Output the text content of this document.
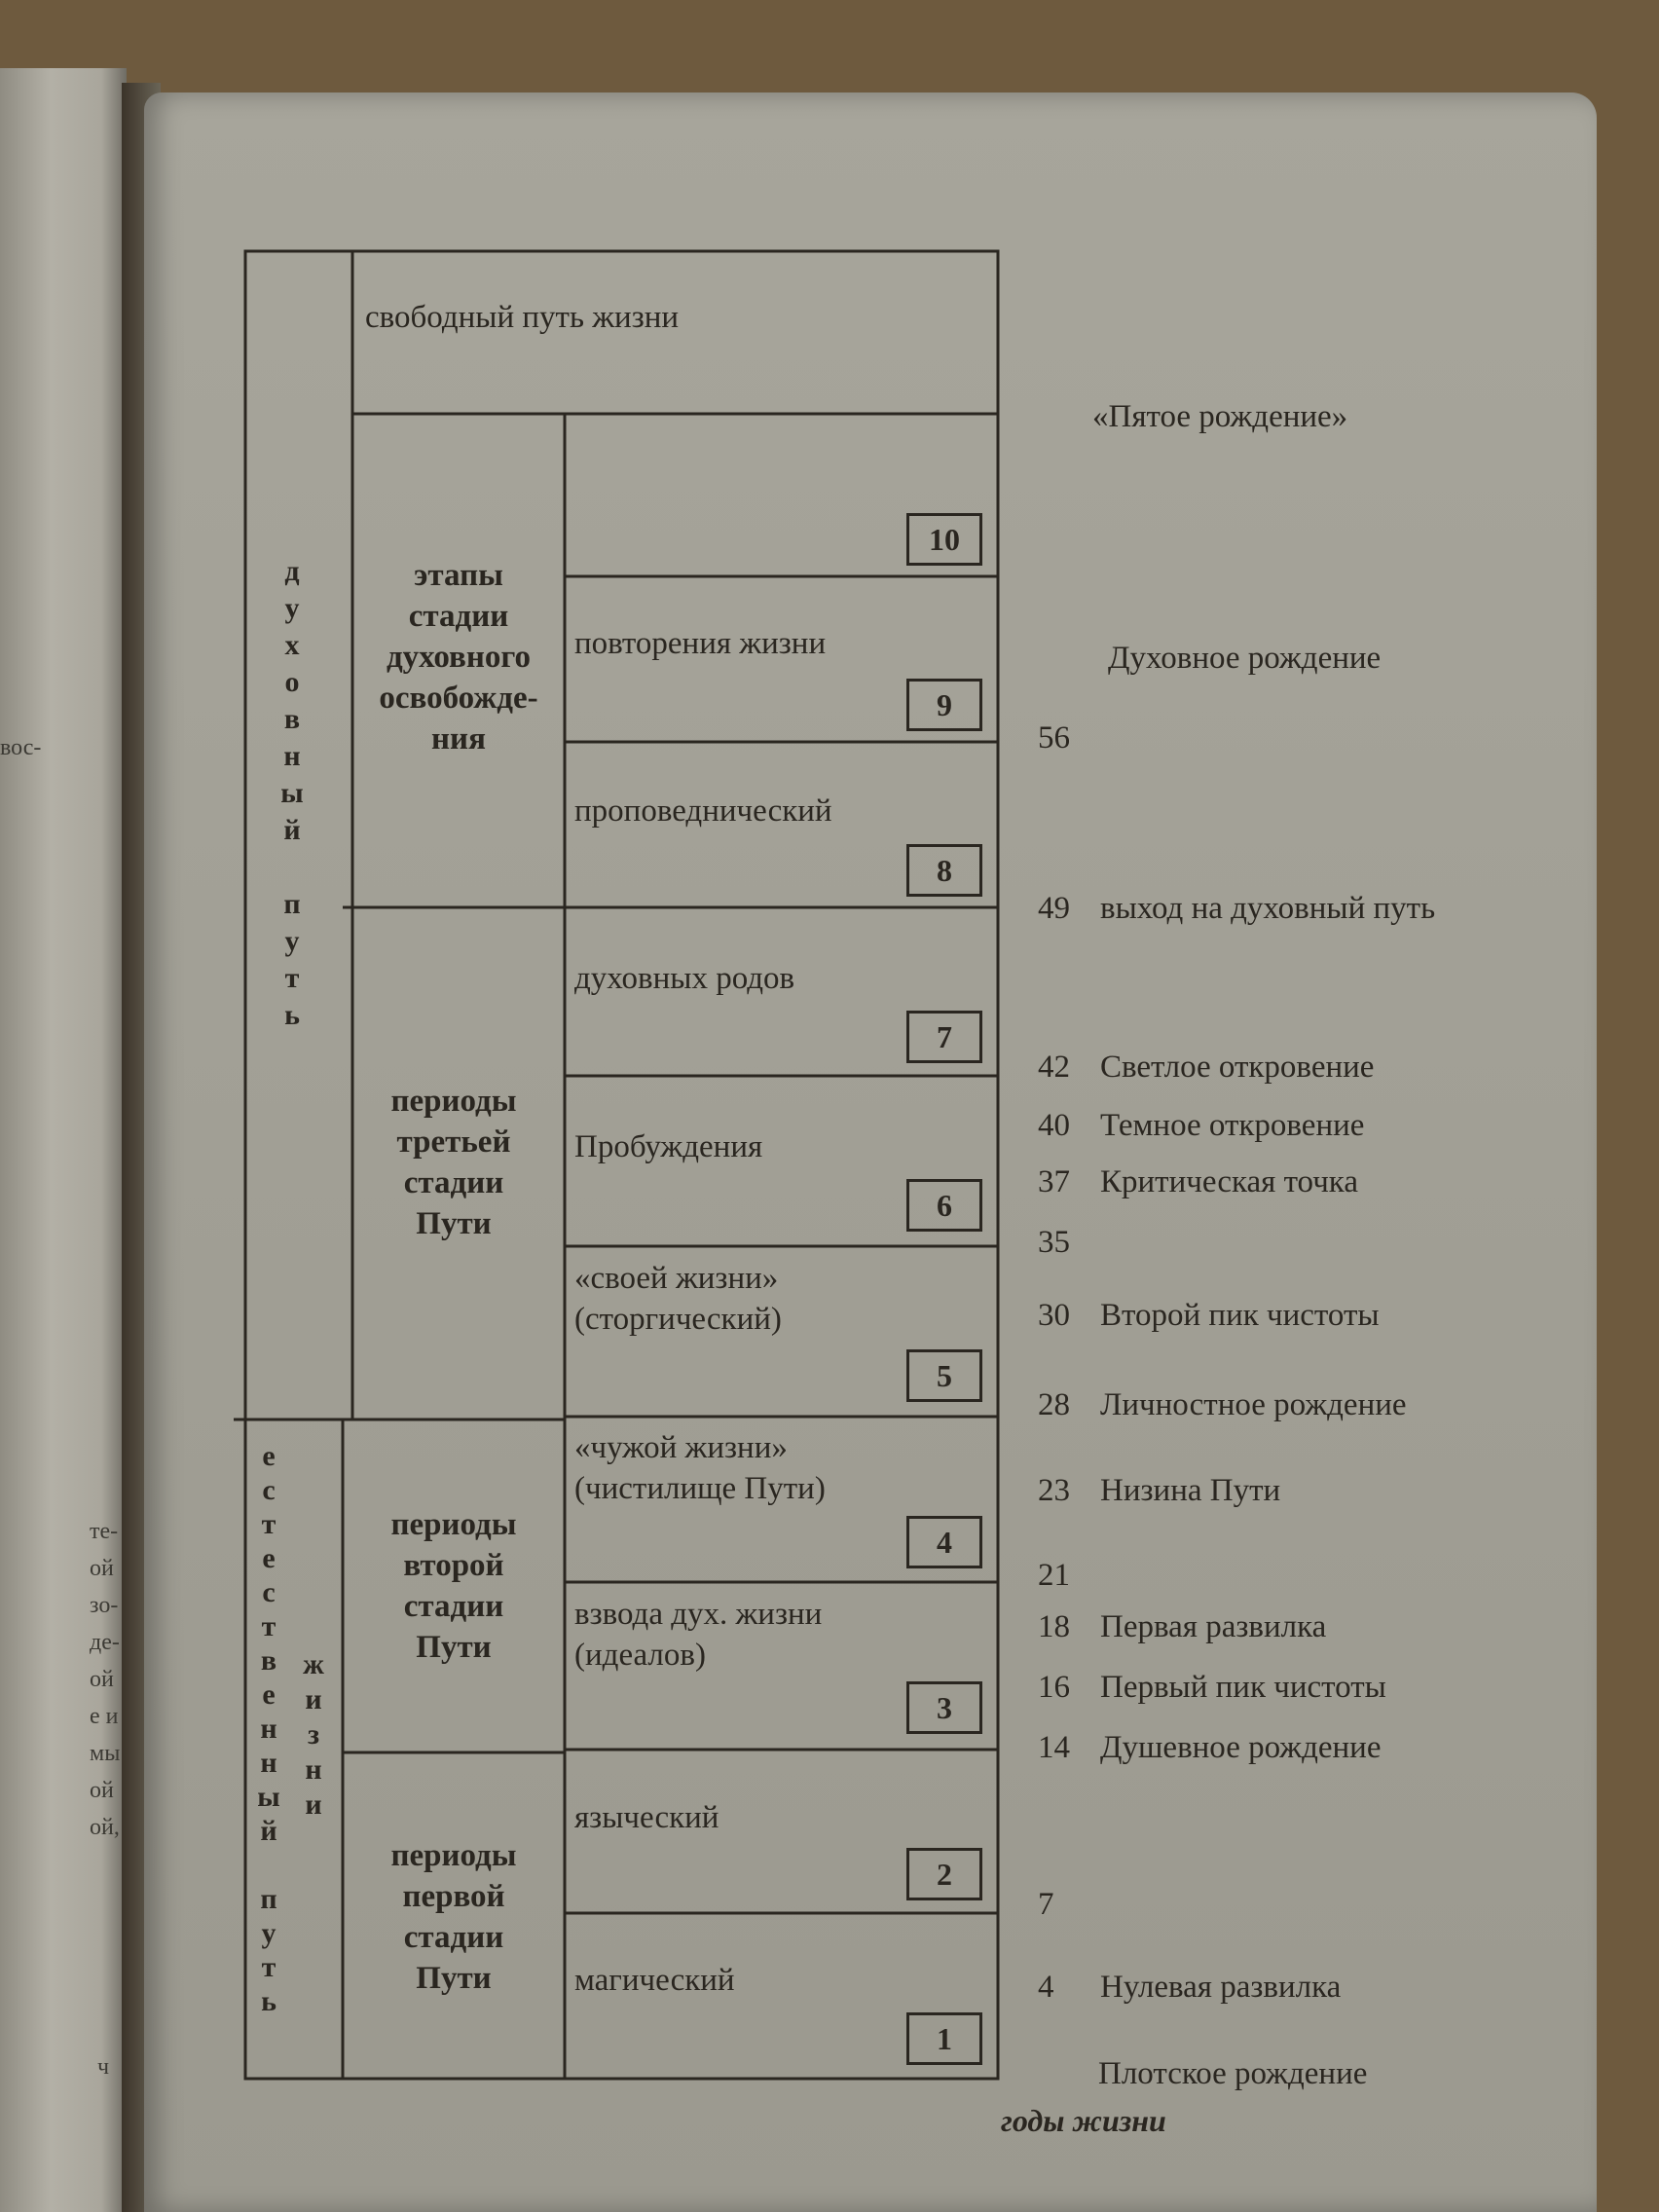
вос-
те-
ой
зо-
де-
ой
е и
мы
ой
ой,
ч
д
у
х
о
в
н
ы
й

п
у
т
ь
е
с
т
е
с
т
в
е
н
н
ы
й

п
у
т
ь
ж
и
з
н
и
свободный путь жизни
этапы
стадии
духовного
освобожде-
ния
периоды
третьей
стадии
Пути
периоды
второй
стадии
Пути
периоды
первой
стадии
Пути
повторения жизни
проповеднический
духовных родов
Пробуждения
«своей жизни»
(сторгический)
«чужой жизни»
(чистилище Пути)
взвода дух. жизни
(идеалов)
языческий
магический
10
9
8
7
6
5
4
3
2
1
«Пятое рождение»
Духовное рождение
56
49 выход на духовный путь
42 Светлое откровение
40 Темное откровение
37 Критическая точка
35
30 Второй пик чистоты
28 Личностное рождение
23 Низина Пути
21
18 Первая развилка
16 Первый пик чистоты
14 Душевное рождение
7
4 Нулевая развилка
Плотское рождение
годы жизни
